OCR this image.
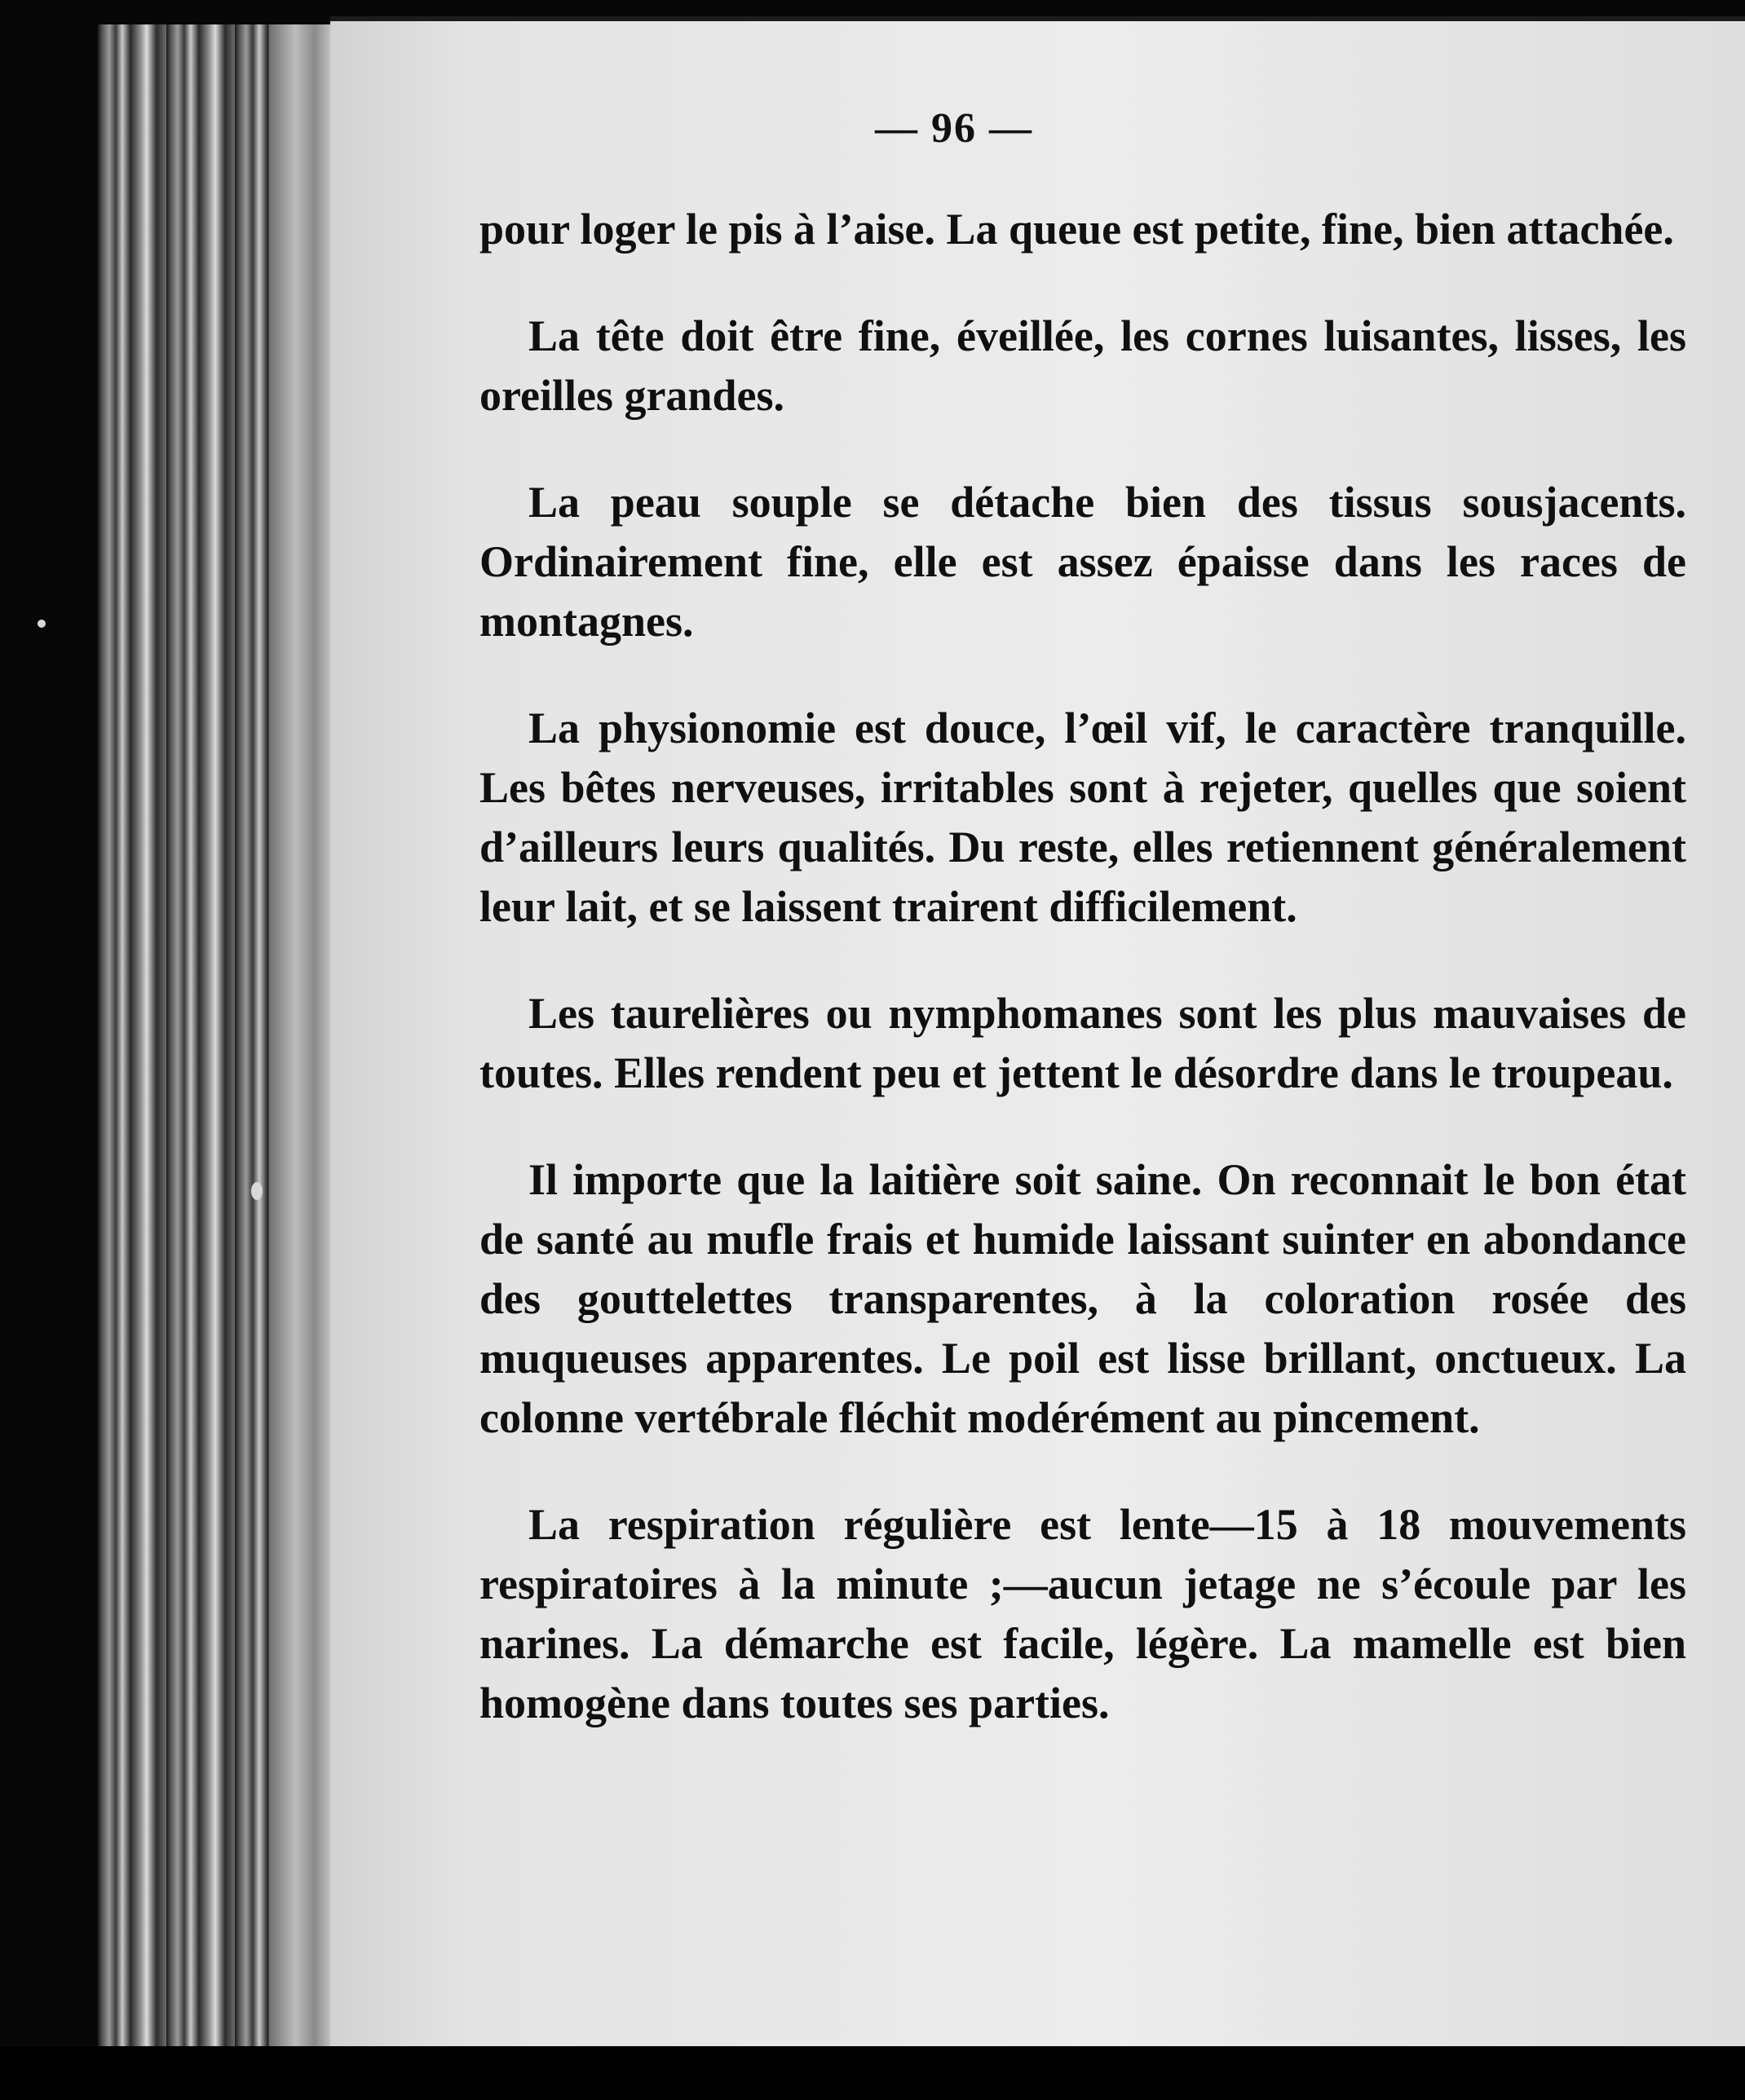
— 96 —

pour loger le pis à l’aise. La queue est petite, fine, bien attachée.

La tête doit être fine, éveillée, les cornes luisantes, lisses, les oreilles grandes.

La peau souple se détache bien des tissus sousjacents. Ordinairement fine, elle est assez épaisse dans les races de montagnes.

La physionomie est douce, l’œil vif, le caractère tranquille. Les bêtes nerveuses, irritables sont à rejeter, quelles que soient d’ailleurs leurs qualités. Du reste, elles retiennent généralement leur lait, et se laissent trairent difficilement.

Les taurelières ou nymphomanes sont les plus mauvaises de toutes. Elles rendent peu et jettent le désordre dans le troupeau.

Il importe que la laitière soit saine. On reconnait le bon état de santé au mufle frais et humide laissant suinter en abondance des gouttelettes transparentes, à la coloration rosée des muqueuses apparentes. Le poil est lisse brillant, onctueux. La colonne vertébrale fléchit modérément au pincement.

La respiration régulière est lente—15 à 18 mouvements respiratoires à la minute ;—aucun jetage ne s’écoule par les narines. La démarche est facile, légère. La mamelle est bien homogène dans toutes ses parties.
